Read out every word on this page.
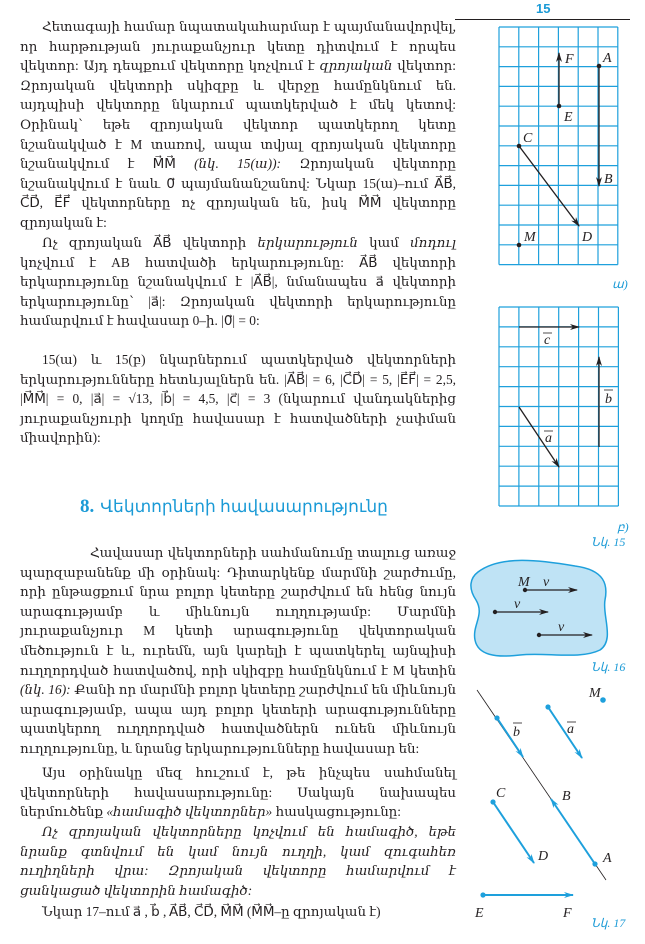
15

Հետագայի համար նպատակահարմար է պայմանավորվել, որ հարթության յուրաքանչյուր կետը դիտվում է որպես վեկտոր: Այդ դեպքում վեկտորը կոչվում է զրոյական վեկտոր: Զրոյական վեկտորի սկիզբը և վերջը համընկնում են. այդպիսի վեկտորը նկարում պատկերված է մեկ կետով: Օրինակ՝ եթե զրոյական վեկտոր պատկերող կետը նշանակված է M տառով, ապա տվյալ զրոյական վեկտորը նշանակվում է M⃗M⃗ (նկ. 15(ա)): Զրոյական վեկտորը նշանակվում է նաև 0⃗ պայմանանշանով: Նկար 15(ա)–ում A⃗B⃗, C⃗D⃗, E⃗F⃗ վեկտորները ոչ զրոյական են, իսկ M⃗M⃗ վեկտորը զրոյական է:

Ոչ զրոյական A⃗B⃗ վեկտորի երկարություն կամ մոդուլ կոչվում է AB հատվածի երկարությունը: A⃗B⃗ վեկտորի երկարությունը նշանակվում է |A⃗B⃗|, նմանապես a⃗ վեկտորի երկարությունը՝ |a⃗|: Զրոյական վեկտորի երկարությունը համարվում է հավասար 0–ի. |0⃗| = 0:

15(ա) և 15(բ) նկարներում պատկերված վեկտորների երկարությունները հետևյալներն են. |A⃗B⃗| = 6, |C⃗D⃗| = 5, |E⃗F⃗| = 2,5, |M⃗M⃗| = 0, |a⃗| = √13, |b⃗| = 4,5, |c⃗| = 3 (նկարում վանդակներից յուրաքանչյուրի կողմը հավասար է հատվածների չափման միավորին):

8. Վեկտորների հավասարությունը

Հավասար վեկտորների սահմանումը տալուց առաջ պարզաբանենք մի օրինակ: Դիտարկենք մարմնի շարժումը, որի ընթացքում նրա բոլոր կետերը շարժվում են հենց նույն արագությամբ և միևնույն ուղղությամբ: Մարմնի յուրաքանչյուր M կետի արագությունը վեկտորական մեծություն է և, ուրեմն, այն կարելի է պատկերել այնպիսի ուղղորդված հատվածով, որի սկիզբը համընկնում է M կետին (նկ. 16): Քանի որ մարմնի բոլոր կետերը շարժվում են միևնույն արագությամբ, ապա այդ բոլոր կետերի արագությունները պատկերող ուղղորդված հատվածներն ունեն միևնույն ուղղությունը, և նրանց երկարությունները հավասար են:

Այս օրինակը մեզ հուշում է, թե ինչպես սահմանել վեկտորների հավասարությունը: Սակայն նախապես ներմուծենք «համագիծ վեկտորներ» հասկացությունը:

Ոչ զրոյական վեկտորները կոչվում են համագիծ, եթե նրանք գտնվում են կամ նույն ուղղի, կամ զուգահեռ ուղիղների վրա: Զրոյական վեկտորը համարվում է ցանկացած վեկտորին համագիծ:

Նկար 17–ում a⃗ , b⃗ , A⃗B⃗, C⃗D⃗, M⃗M⃗ (M⃗M⃗–ը զրոյական է)

A
F
E
C
B
D
M
c
b
a
M v
v
v
M
b	a
B
C
D	A
E	F
ա)
բ)
Նկ. 15
Նկ. 16
Նկ. 17
